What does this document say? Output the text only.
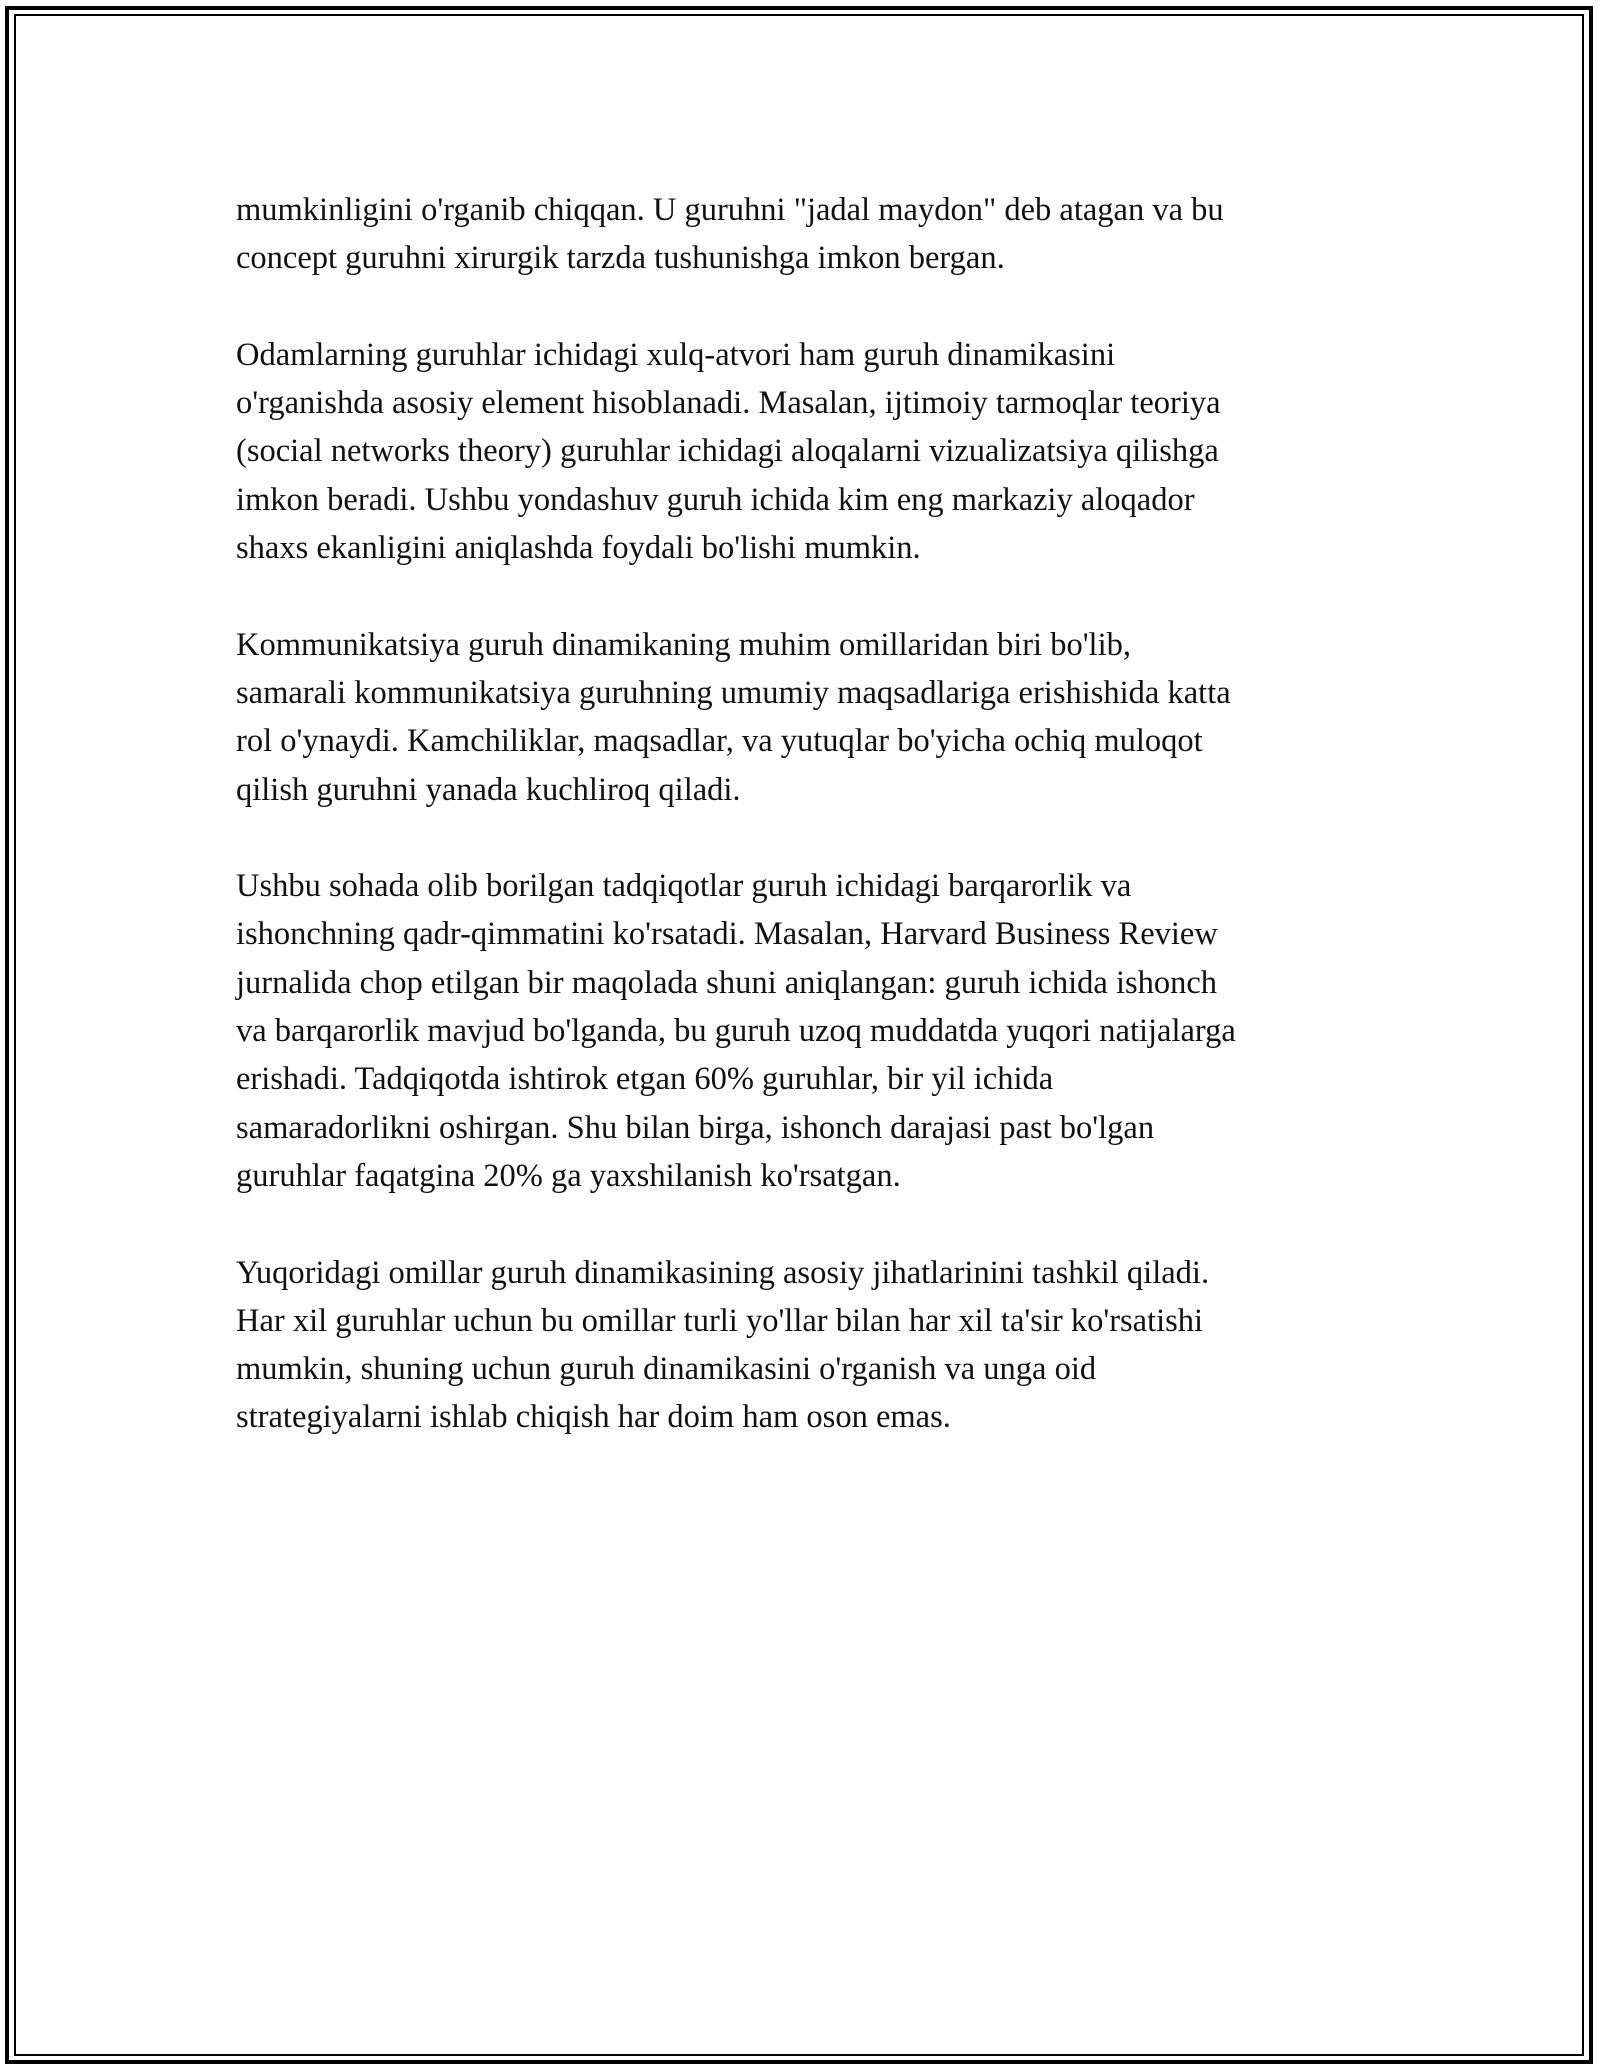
mumkinligini o'rganib chiqqan. U guruhni "jadal maydon" deb atagan va bu
concept guruhni xirurgik tarzda tushunishga imkon bergan.

Odamlarning guruhlar ichidagi xulq-atvori ham guruh dinamikasini
o'rganishda asosiy element hisoblanadi. Masalan, ijtimoiy tarmoqlar teoriya
(social networks theory) guruhlar ichidagi aloqalarni vizualizatsiya qilishga
imkon beradi. Ushbu yondashuv guruh ichida kim eng markaziy aloqador
shaxs ekanligini aniqlashda foydali bo'lishi mumkin.

Kommunikatsiya guruh dinamikaning muhim omillaridan biri bo'lib,
samarali kommunikatsiya guruhning umumiy maqsadlariga erishishida katta
rol o'ynaydi. Kamchiliklar, maqsadlar, va yutuqlar bo'yicha ochiq muloqot
qilish guruhni yanada kuchliroq qiladi.

Ushbu sohada olib borilgan tadqiqotlar guruh ichidagi barqarorlik va
ishonchning qadr-qimmatini ko'rsatadi. Masalan, Harvard Business Review
jurnalida chop etilgan bir maqolada shuni aniqlangan: guruh ichida ishonch
va barqarorlik mavjud bo'lganda, bu guruh uzoq muddatda yuqori natijalarga
erishadi. Tadqiqotda ishtirok etgan 60% guruhlar, bir yil ichida
samaradorlikni oshirgan. Shu bilan birga, ishonch darajasi past bo'lgan
guruhlar faqatgina 20% ga yaxshilanish ko'rsatgan.

Yuqoridagi omillar guruh dinamikasining asosiy jihatlarinini tashkil qiladi.
Har xil guruhlar uchun bu omillar turli yo'llar bilan har xil ta'sir ko'rsatishi
mumkin, shuning uchun guruh dinamikasini o'rganish va unga oid
strategiyalarni ishlab chiqish har doim ham oson emas.
